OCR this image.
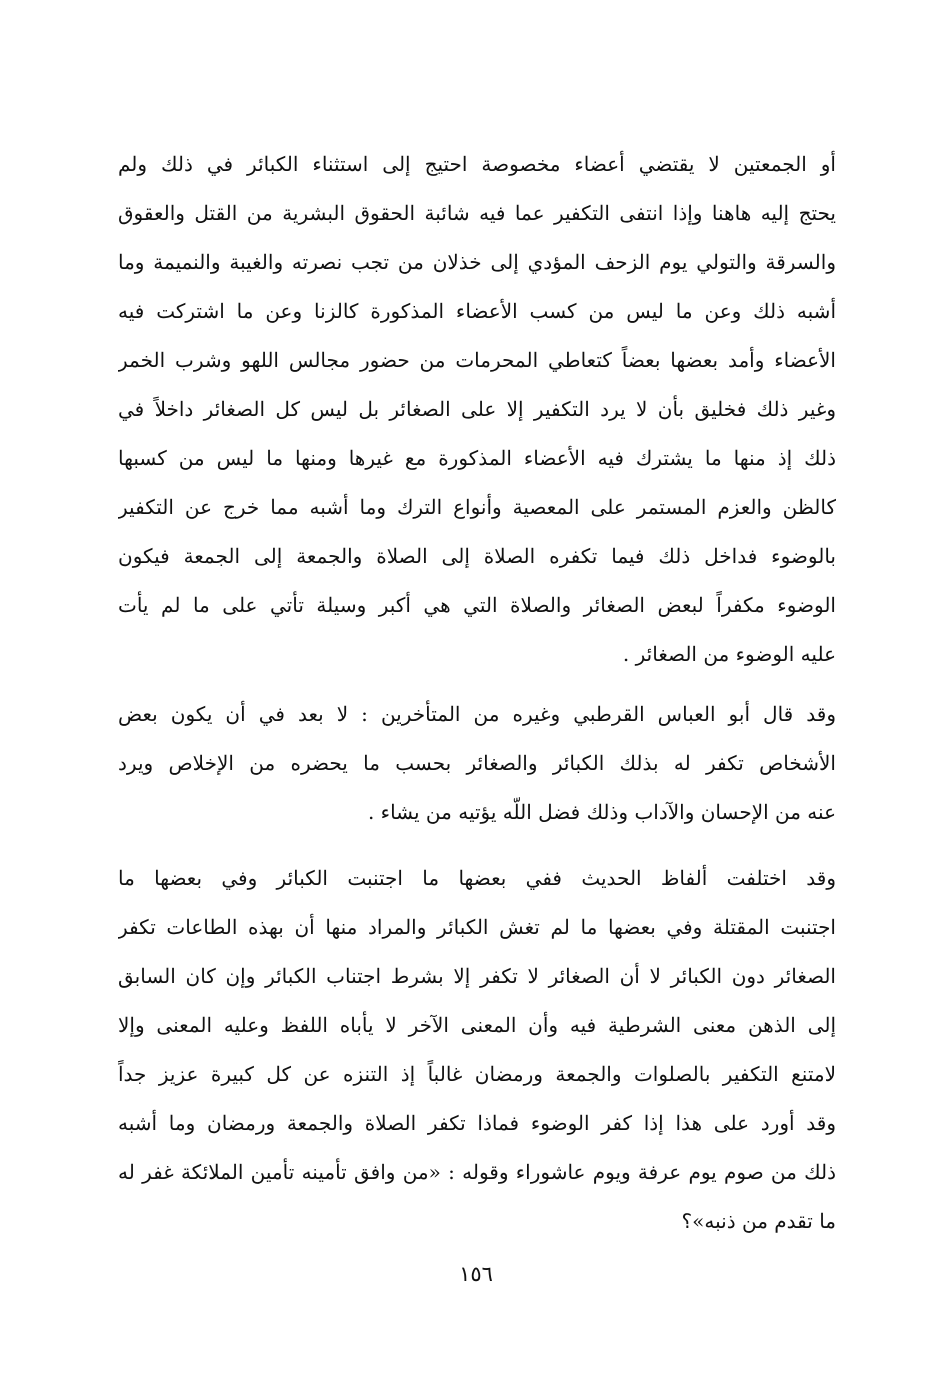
أو الجمعتين لا يقتضي أعضاء مخصوصة احتيج إلى استثناء الكبائر في ذلك ولم
يحتج إليه هاهنا وإذا انتفى التكفير عما فيه شائبة الحقوق البشرية من القتل والعقوق
والسرقة والتولي يوم الزحف المؤدي إلى خذلان من تجب نصرته والغيبة والنميمة وما
أشبه ذلك وعن ما ليس من كسب الأعضاء المذكورة كالزنا وعن ما اشتركت فيه
الأعضاء وأمد بعضها بعضاً كتعاطي المحرمات من حضور مجالس اللهو وشرب الخمر
وغير ذلك فخليق بأن لا يرد التكفير إلا على الصغائر بل ليس كل الصغائر داخلاً في
ذلك إذ منها ما يشترك فيه الأعضاء المذكورة مع غيرها ومنها ما ليس من كسبها
كالظن والعزم المستمر على المعصية وأنواع الترك وما أشبه مما خرج عن التكفير
بالوضوء فداخل ذلك فيما تكفره الصلاة إلى الصلاة والجمعة إلى الجمعة فيكون
الوضوء مكفراً لبعض الصغائر والصلاة التي هي أكبر وسيلة تأتي على ما لم يأت
عليه الوضوء من الصغائر .
وقد قال أبو العباس القرطبي وغيره من المتأخرين : لا بعد في أن يكون بعض
الأشخاص تكفر له بذلك الكبائر والصغائر بحسب ما يحضره من الإخلاص ويرد
عنه من الإحسان والآداب وذلك فضل اللّه يؤتيه من يشاء .
وقد اختلفت ألفاظ الحديث ففي بعضها ما اجتنبت الكبائر وفي بعضها ما
اجتنبت المقتلة وفي بعضها ما لم تغش الكبائر والمراد منها أن بهذه الطاعات تكفر
الصغائر دون الكبائر لا أن الصغائر لا تكفر إلا بشرط اجتناب الكبائر وإن كان السابق
إلى الذهن معنى الشرطية فيه وأن المعنى الآخر لا يأباه اللفظ وعليه المعنى وإلا
لامتنع التكفير بالصلوات والجمعة ورمضان غالباً إذ التنزه عن كل كبيرة عزيز جداً
وقد أورد على هذا إذا كفر الوضوء فماذا تكفر الصلاة والجمعة ورمضان وما أشبه
ذلك من صوم يوم عرفة ويوم عاشوراء وقوله : «من وافق تأمينه تأمين الملائكة غفر له
ما تقدم من ذنبه»؟
١٥٦
